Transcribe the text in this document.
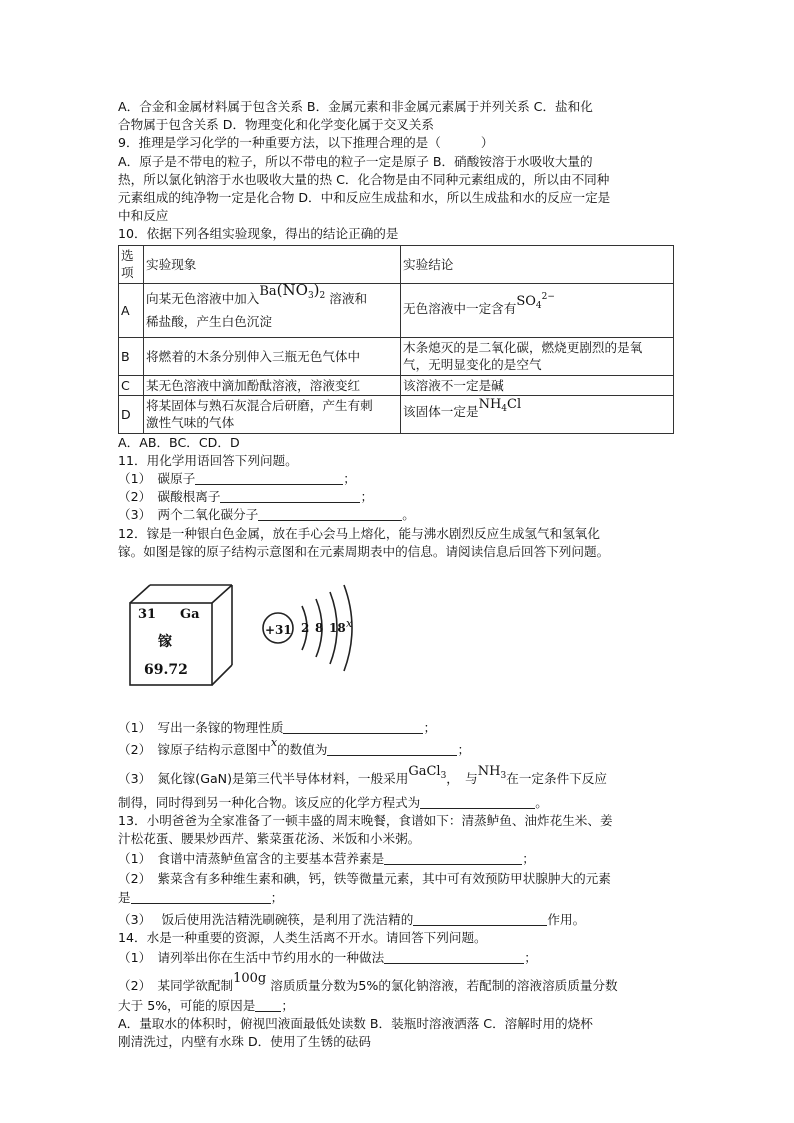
A．合金和金属材料属于包含关系 B．金属元素和非金属元素属于并列关系 C．盐和化
合物属于包含关系 D．物理变化和化学变化属于交叉关系
9．推理是学习化学的一种重要方法，以下推理合理的是（	）
A．原子是不带电的粒子，所以不带电的粒子一定是原子 B．硝酸铵溶于水吸收大量的
热，所以氯化钠溶于水也吸收大量的热 C．化合物是由不同种元素组成的，所以由不同种
元素组成的纯净物一定是化合物 D．中和反应生成盐和水，所以生成盐和水的反应一定是
中和反应
10．依据下列各组实验现象，得出的结论正确的是
选
项	实验现象	实验结论
A	向某无色溶液中加入$Ba(NO_3)_2$ 溶液和
稀盐酸，产生白色沉淀	无色溶液中一定含有$SO_4^{2-}$
B	将燃着的木条分别伸入三瓶无色气体中	木条熄灭的是二氧化碳，燃烧更剧烈的是氧
气，无明显变化的是空气
C	某无色溶液中滴加酚酞溶液，溶液变红	该溶液不一定是碱
D	将某固体与熟石灰混合后研磨，产生有刺
激性气味的气体	该固体一定是$NH_4Cl$
A．AB．BC．CD．D
11．用化学用语回答下列问题。
（1）　碳原子	；
（2）　碳酸根离子	；
（3）　两个二氧化碳分子	。
12．镓是一种银白色金属，放在手心会马上熔化，能与沸水剧烈反应生成氢气和氢氧化
镓。如图是镓的原子结构示意图和在元素周期表中的信息。请阅读信息后回答下列问题。
31 Ga
镓
69.72
+31 2 8 18 x
（1）　写出一条镓的物理性质	；
（2）　镓原子结构示意图中x的数值为	；
（3）　氮化镓(GaN)是第三代半导体材料，一般采用GaCl$_3$，　与$NH_3$在一定条件下反应
制得，同时得到另一种化合物。该反应的化学方程式为	。
13．小明爸爸为全家准备了一顿丰盛的周末晚餐，食谱如下：清蒸鲈鱼、油炸花生米、姜
汁松花蛋、腰果炒西芹、紫菜蛋花汤、米饭和小米粥。
（1）　食谱中清蒸鲈鱼富含的主要基本营养素是	；
（2）　紫菜含有多种维生素和碘，钙，铁等微量元素，其中可有效预防甲状腺肿大的元素
是	；
（3）　 饭后使用洗洁精洗刷碗筷，是利用了洗洁精的	作用。
14．水是一种重要的资源，人类生活离不开水。请回答下列问题。
（1）　请列举出你在生活中节约用水的一种做法	；
（2）　某同学欲配制100g 溶质质量分数为5%的氯化钠溶液，若配制的溶液溶质质量分数
大于 5%，可能的原因是 ；
A．量取水的体积时，俯视凹液面最低处读数 B．装瓶时溶液洒落 C．溶解时用的烧杯
刚清洗过，内壁有水珠 D．使用了生锈的砝码
